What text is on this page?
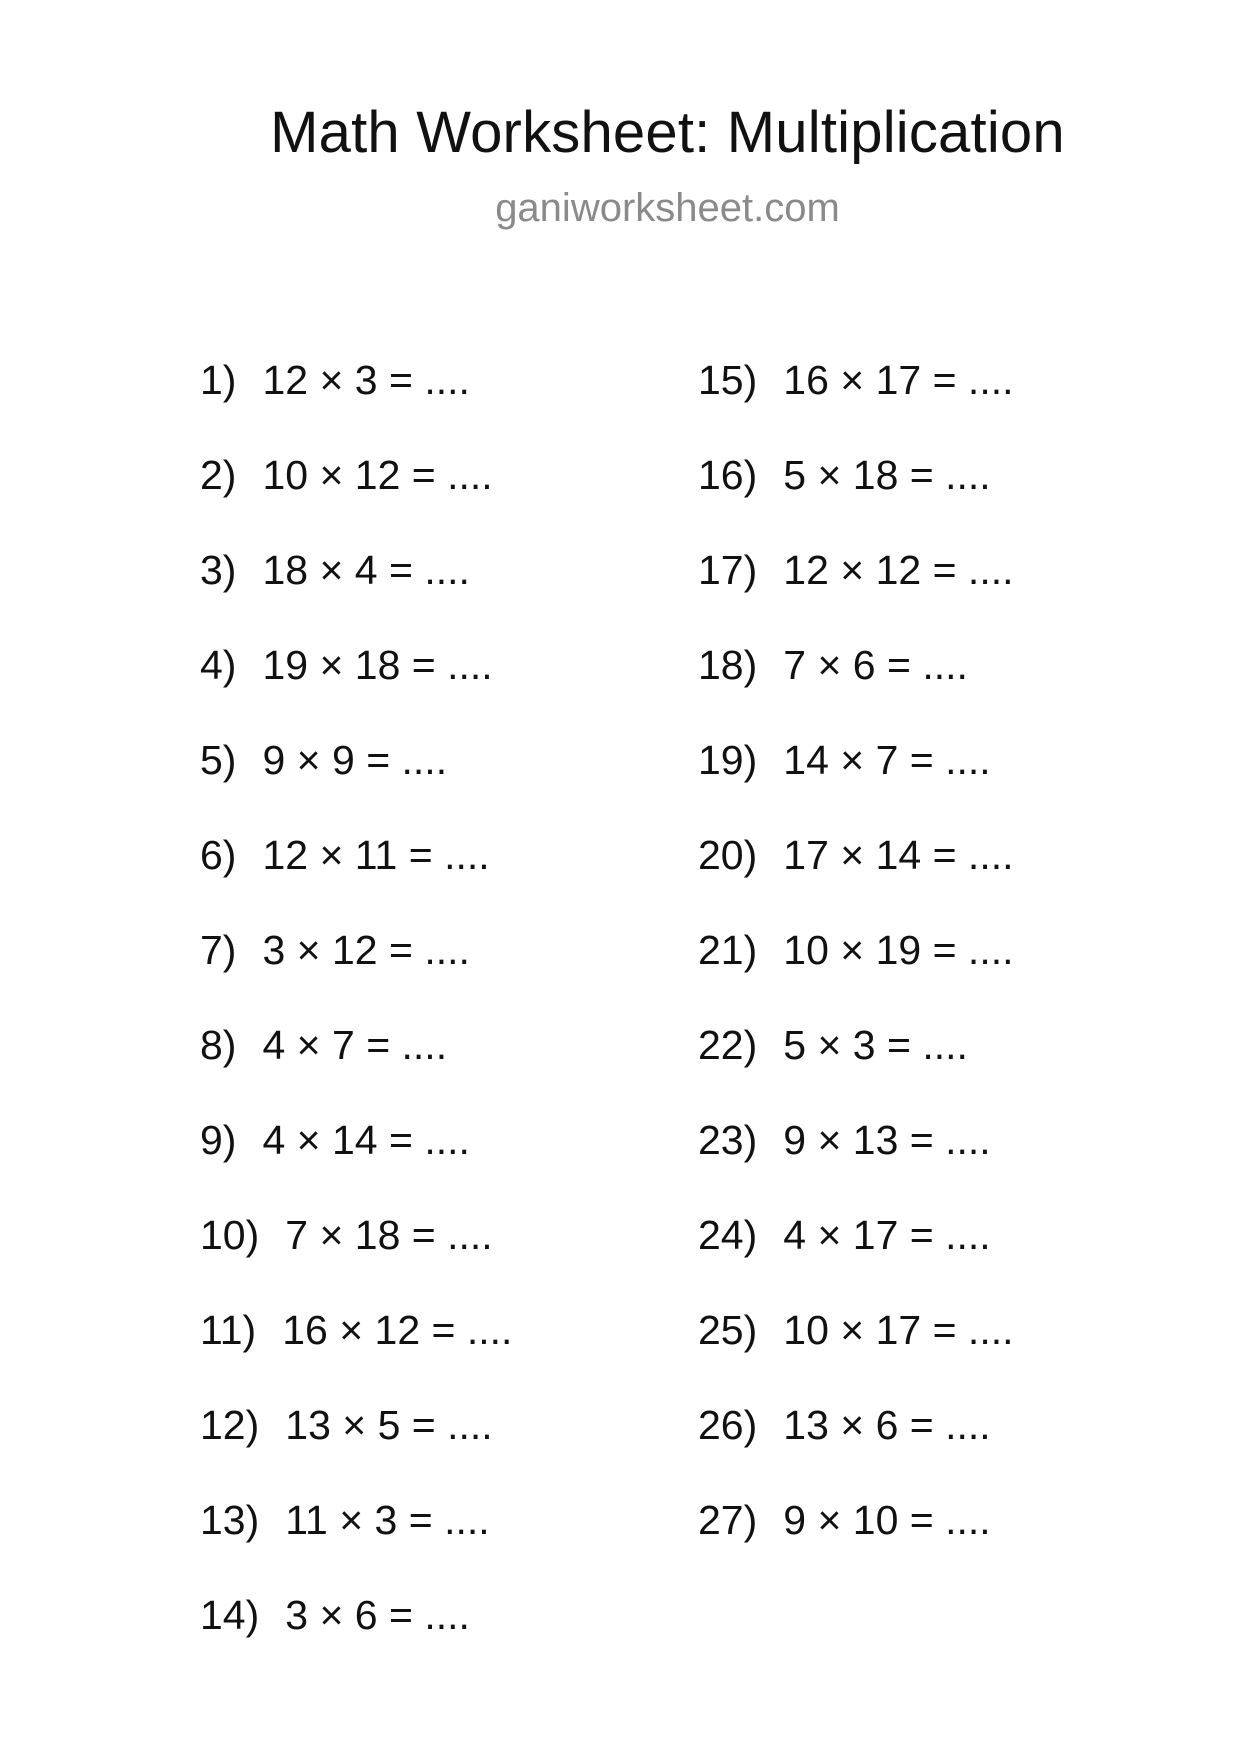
Math Worksheet: Multiplication
ganiworksheet.com
1) 12 × 3 = ....
2) 10 × 12 = ....
3) 18 × 4 = ....
4) 19 × 18 = ....
5) 9 × 9 = ....
6) 12 × 11 = ....
7) 3 × 12 = ....
8) 4 × 7 = ....
9) 4 × 14 = ....
10) 7 × 18 = ....
11) 16 × 12 = ....
12) 13 × 5 = ....
13) 11 × 3 = ....
14) 3 × 6 = ....
15) 16 × 17 = ....
16) 5 × 18 = ....
17) 12 × 12 = ....
18) 7 × 6 = ....
19) 14 × 7 = ....
20) 17 × 14 = ....
21) 10 × 19 = ....
22) 5 × 3 = ....
23) 9 × 13 = ....
24) 4 × 17 = ....
25) 10 × 17 = ....
26) 13 × 6 = ....
27) 9 × 10 = ....
